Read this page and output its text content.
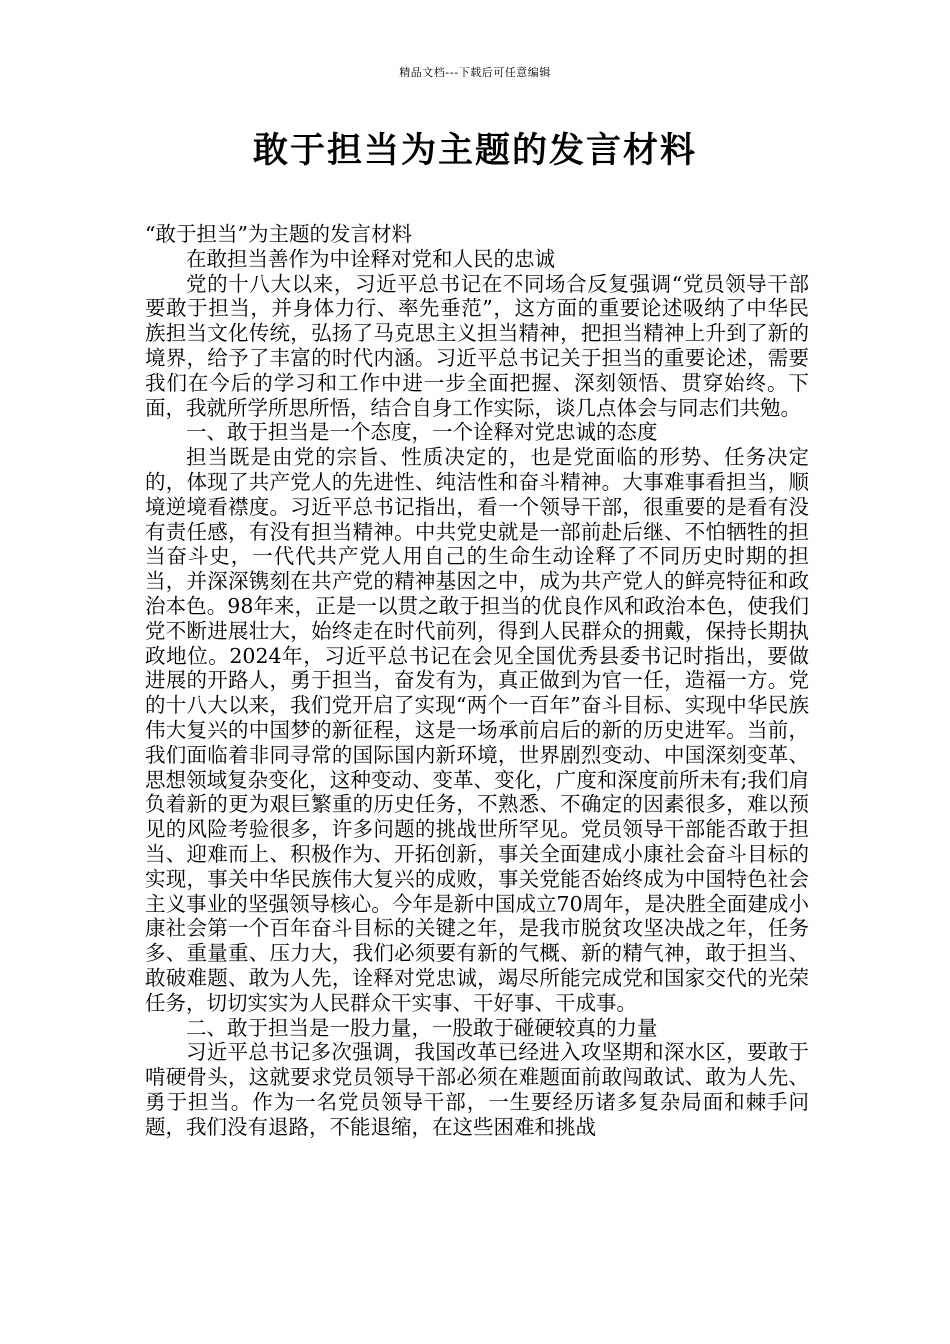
精品文档---下载后可任意编辑
敢于担当为主题的发言材料

“敢于担当”为主题的发言材料

在敢担当善作为中诠释对党和人民的忠诚

党的十八大以来，习近平总书记在不同场合反复强调“党员领导干部要敢于担当，并身体力行、率先垂范”，这方面的重要论述吸纳了中华民族担当文化传统，弘扬了马克思主义担当精神，把担当精神上升到了新的境界，给予了丰富的时代内涵。习近平总书记关于担当的重要论述，需要我们在今后的学习和工作中进一步全面把握、深刻领悟、贯穿始终。下面，我就所学所思所悟，结合自身工作实际，谈几点体会与同志们共勉。

一、敢于担当是一个态度，一个诠释对党忠诚的态度

担当既是由党的宗旨、性质决定的，也是党面临的形势、任务决定的，体现了共产党人的先进性、纯洁性和奋斗精神。大事难事看担当，顺境逆境看襟度。习近平总书记指出，看一个领导干部，很重要的是看有没有责任感，有没有担当精神。中共党史就是一部前赴后继、不怕牺牲的担当奋斗史，一代代共产党人用自己的生命生动诠释了不同历史时期的担当，并深深镌刻在共产党的精神基因之中，成为共产党人的鲜亮特征和政治本色。98年来，正是一以贯之敢于担当的优良作风和政治本色，使我们党不断进展壮大，始终走在时代前列，得到人民群众的拥戴，保持长期执政地位。2024年，习近平总书记在会见全国优秀县委书记时指出，要做进展的开路人，勇于担当，奋发有为，真正做到为官一任，造福一方。党的十八大以来，我们党开启了实现“两个一百年”奋斗目标、实现中华民族伟大复兴的中国梦的新征程，这是一场承前启后的新的历史进军。当前，我们面临着非同寻常的国际国内新环境，世界剧烈变动、中国深刻变革、思想领域复杂变化，这种变动、变革、变化，广度和深度前所未有;我们肩负着新的更为艰巨繁重的历史任务，不熟悉、不确定的因素很多，难以预见的风险考验很多，许多问题的挑战世所罕见。党员领导干部能否敢于担当、迎难而上、积极作为、开拓创新，事关全面建成小康社会奋斗目标的实现，事关中华民族伟大复兴的成败，事关党能否始终成为中国特色社会主义事业的坚强领导核心。今年是新中国成立70周年，是决胜全面建成小康社会第一个百年奋斗目标的关键之年，是我市脱贫攻坚决战之年，任务多、重量重、压力大，我们必须要有新的气概、新的精气神，敢于担当、敢破难题、敢为人先，诠释对党忠诚，竭尽所能完成党和国家交代的光荣任务，切切实实为人民群众干实事、干好事、干成事。

二、敢于担当是一股力量，一股敢于碰硬较真的力量

习近平总书记多次强调，我国改革已经进入攻坚期和深水区，要敢于啃硬骨头，这就要求党员领导干部必须在难题面前敢闯敢试、敢为人先、勇于担当。作为一名党员领导干部，一生要经历诸多复杂局面和棘手问题，我们没有退路，不能退缩，在这些困难和挑战
